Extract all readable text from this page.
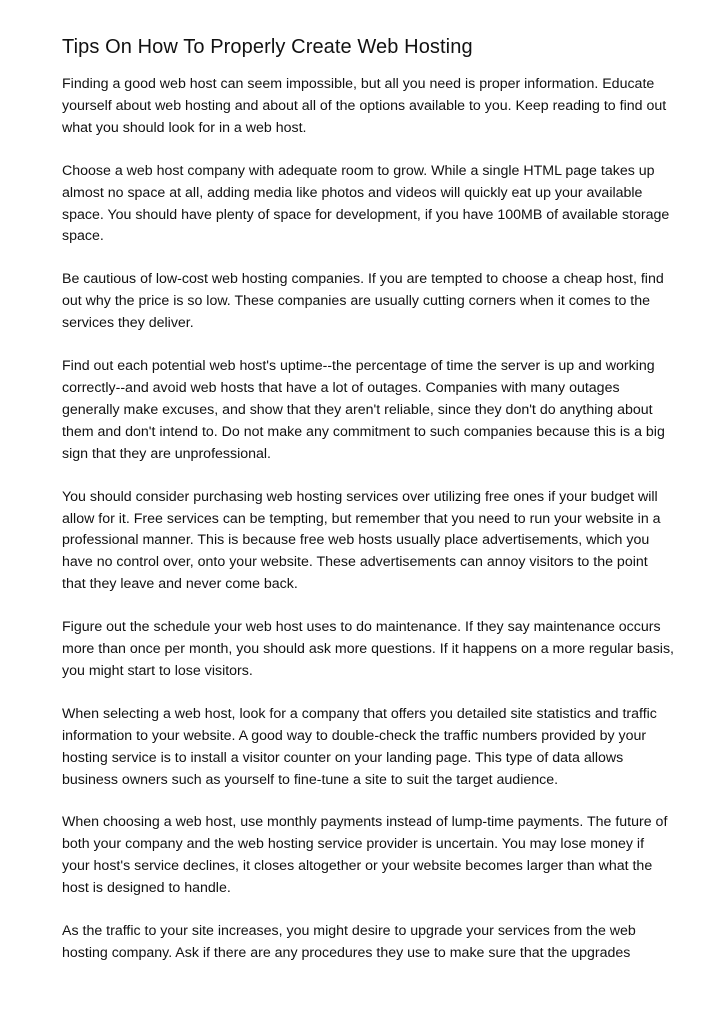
Tips On How To Properly Create Web Hosting

Finding a good web host can seem impossible, but all you need is proper information. Educate yourself about web hosting and about all of the options available to you. Keep reading to find out what you should look for in a web host.

Choose a web host company with adequate room to grow. While a single HTML page takes up almost no space at all, adding media like photos and videos will quickly eat up your available space. You should have plenty of space for development, if you have 100MB of available storage space.

Be cautious of low-cost web hosting companies. If you are tempted to choose a cheap host, find out why the price is so low. These companies are usually cutting corners when it comes to the services they deliver.

Find out each potential web host's uptime--the percentage of time the server is up and working correctly--and avoid web hosts that have a lot of outages. Companies with many outages generally make excuses, and show that they aren't reliable, since they don't do anything about them and don't intend to. Do not make any commitment to such companies because this is a big sign that they are unprofessional.

You should consider purchasing web hosting services over utilizing free ones if your budget will allow for it. Free services can be tempting, but remember that you need to run your website in a professional manner. This is because free web hosts usually place advertisements, which you have no control over, onto your website. These advertisements can annoy visitors to the point that they leave and never come back.

Figure out the schedule your web host uses to do maintenance. If they say maintenance occurs more than once per month, you should ask more questions. If it happens on a more regular basis, you might start to lose visitors.

When selecting a web host, look for a company that offers you detailed site statistics and traffic information to your website. A good way to double-check the traffic numbers provided by your hosting service is to install a visitor counter on your landing page. This type of data allows business owners such as yourself to fine-tune a site to suit the target audience.

When choosing a web host, use monthly payments instead of lump-time payments. The future of both your company and the web hosting service provider is uncertain. You may lose money if your host's service declines, it closes altogether or your website becomes larger than what the host is designed to handle.

As the traffic to your site increases, you might desire to upgrade your services from the web hosting company. Ask if there are any procedures they use to make sure that the upgrades
